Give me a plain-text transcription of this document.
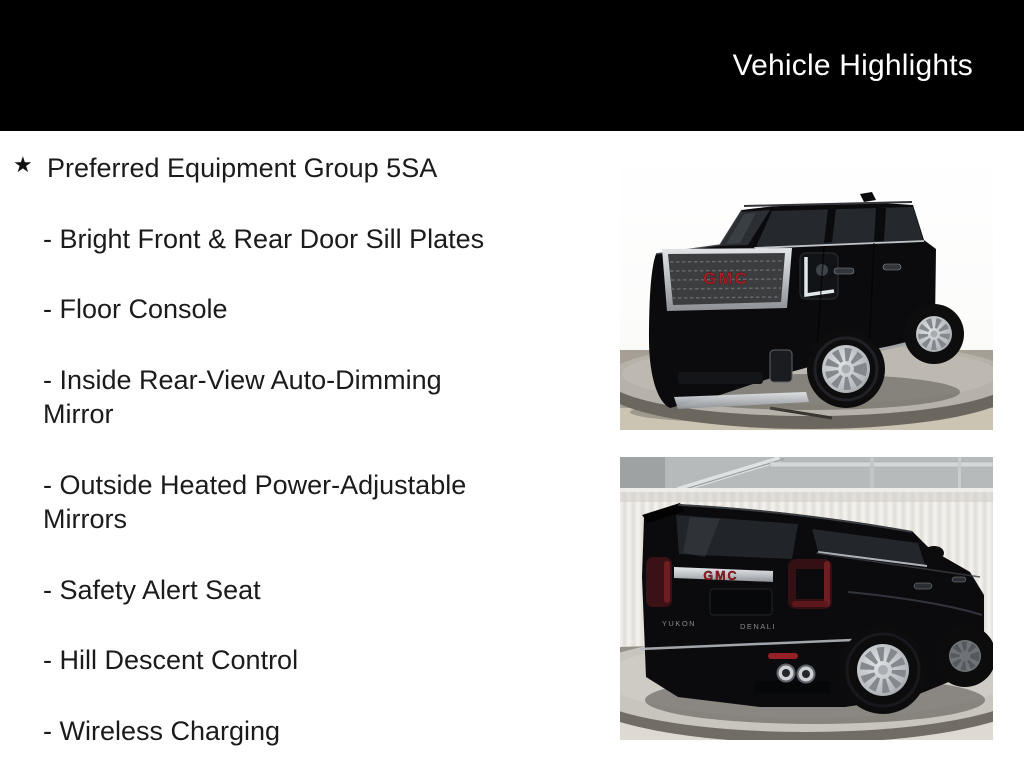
Vehicle Highlights
★ Preferred Equipment Group 5SA
- Bright Front & Rear Door Sill Plates
- Floor Console
- Inside Rear-View Auto-Dimming Mirror
- Outside Heated Power-Adjustable Mirrors
- Safety Alert Seat
- Hill Descent Control
- Wireless Charging
GMC
GMC
YUKON	DENALI
